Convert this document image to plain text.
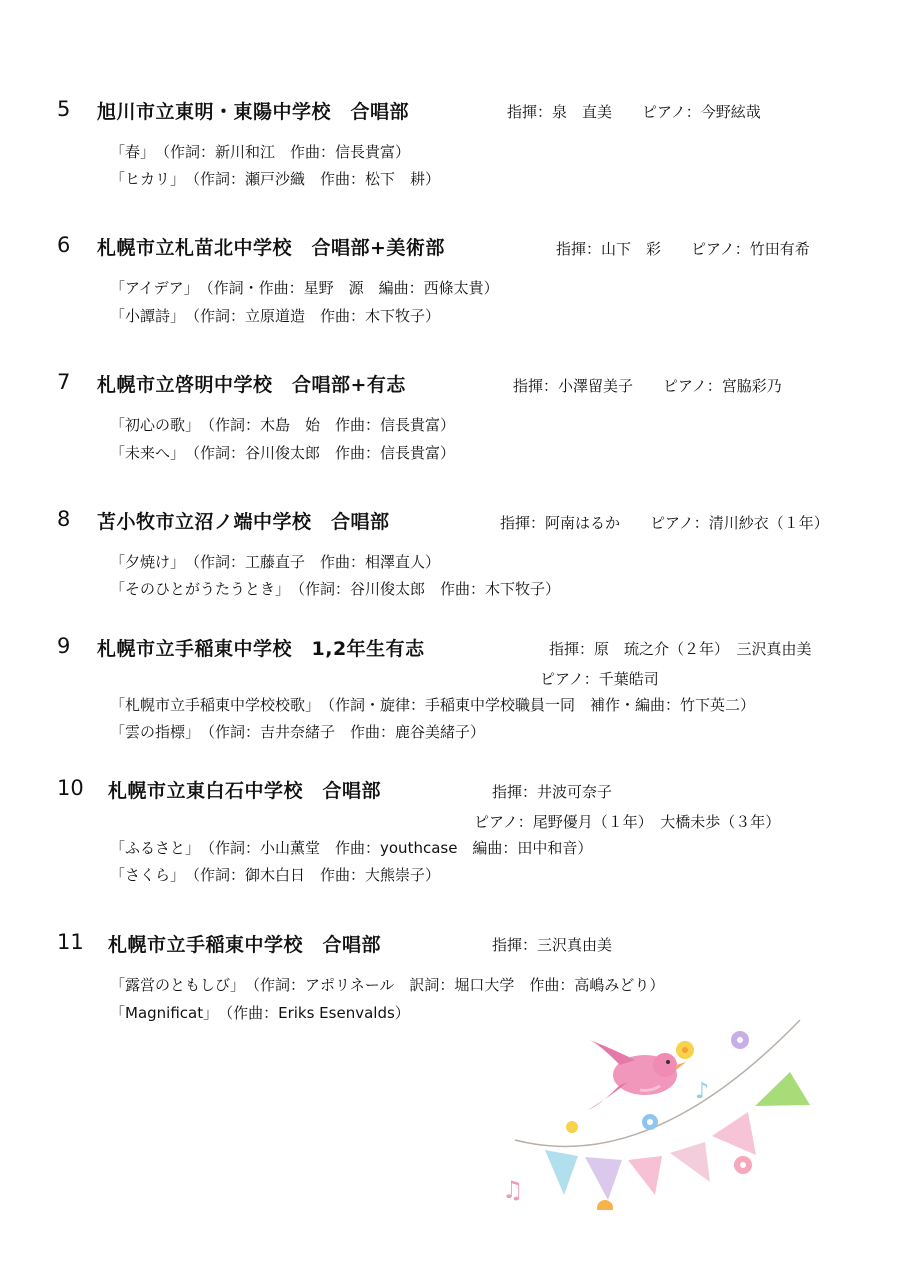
5 旭川市立東明・東陽中学校　合唱部	指揮：泉　直美　　ピアノ：今野絃哉
「春」　（作詞：新川和江　作曲：信長貴富）
「ヒカリ」　（作詞：瀬戸沙織　作曲：松下　耕）
6 札幌市立札苗北中学校　合唱部+美術部	指揮：山下　彩　　ピアノ：竹田有希
「アイデア」　（作詞・作曲：星野　源　編曲：西條太貴）
「小譚詩」　（作詞：立原道造　作曲：木下牧子）
7 札幌市立啓明中学校　合唱部+有志	指揮：小澤留美子　　ピアノ：宮脇彩乃
「初心の歌」　（作詞：木島　始　作曲：信長貴富）
「未来へ」　（作詞：谷川俊太郎　作曲：信長貴富）
8 苫小牧市立沼ノ端中学校　合唱部	指揮：阿南はるか　　ピアノ：清川紗衣（１年）
「夕焼け」　（作詞：工藤直子　作曲：相澤直人）
「そのひとがうたうとき」　（作詞：谷川俊太郎　作曲：木下牧子）
9 札幌市立手稲東中学校　1,2年生有志	指揮：原　琉之介（２年）　三沢真由美
ピアノ：千葉皓司
「札幌市立手稲東中学校校歌」　（作詞・旋律：手稲東中学校職員一同　補作・編曲：竹下英二）
「雲の指標」　（作詞：吉井奈緒子　作曲：鹿谷美緒子）
10 札幌市立東白石中学校　合唱部	指揮：井波可奈子
ピアノ：尾野優月（１年）　大橋未歩（３年）
「ふるさと」　（作詞：小山薫堂　作曲：youthcase　編曲：田中和音）
「さくら」　（作詞：御木白日　作曲：大熊崇子）
11 札幌市立手稲東中学校　合唱部	指揮：三沢真由美
「露営のともしび」　（作詞：アポリネール　訳詞：堀口大学　作曲：高嶋みどり）
「Magnificat」　（作曲：Eriks Esenvalds）
♪
♫
